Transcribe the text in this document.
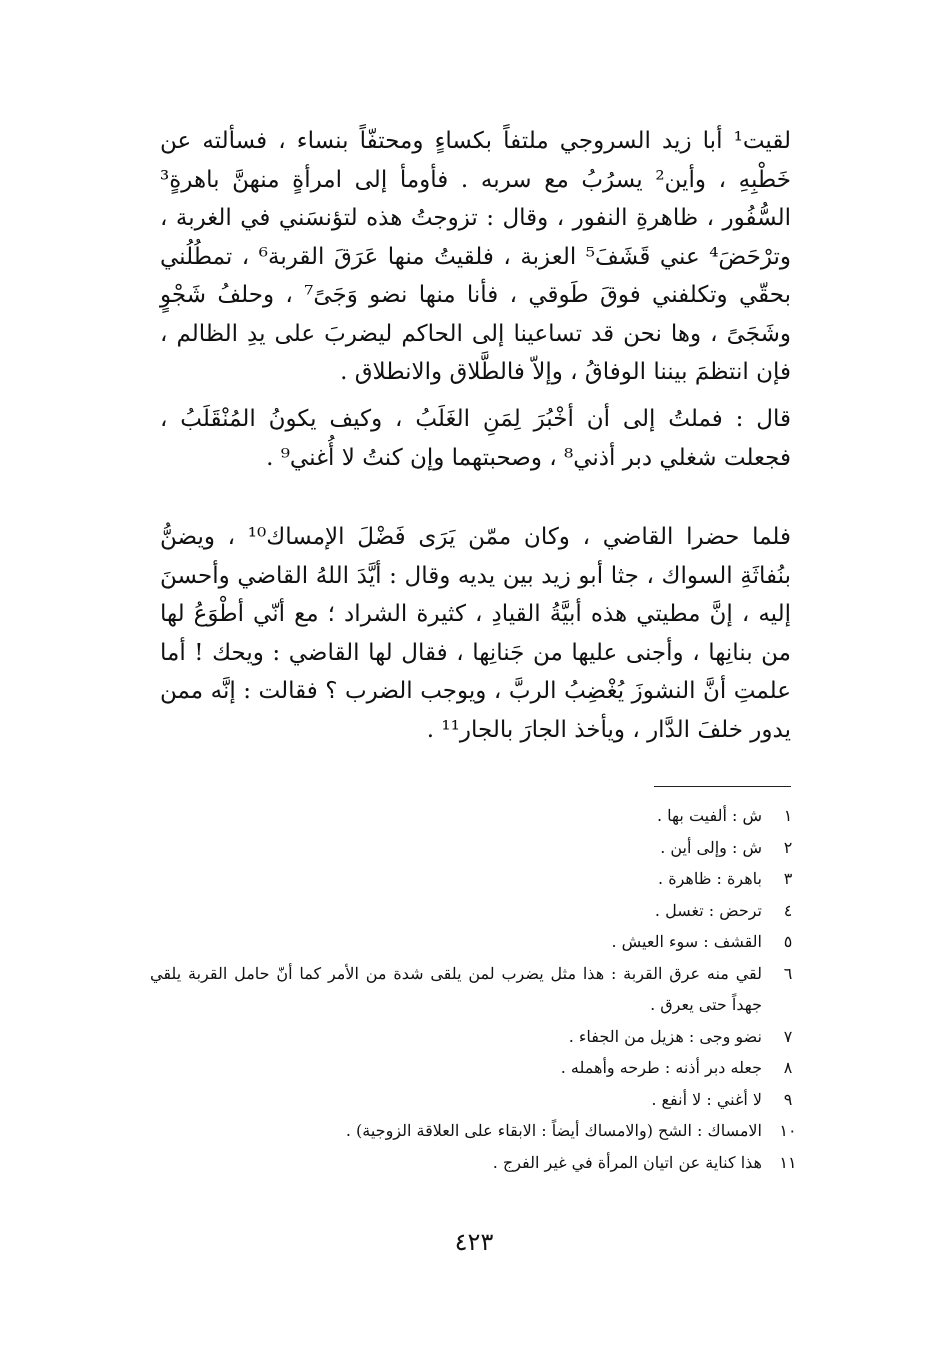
لقيت¹ أبا زيد السروجي ملتفاً بكساءٍ ومحتفّاً بنساء ، فسألته عن خَطْبِهِ ، وأين² يسرُبُ مع سربه . فأومأ إلى امرأةٍ منهنَّ باهرةٍ³ السُّفُور ، ظاهرةِ النفور ، وقال : تزوجتُ هذه لتؤنسَني في الغربة ، وترْحَضَ⁴ عني قَشَفَ⁵ العزبة ، فلقيتُ منها عَرَقَ القربة⁶ ، تمطُلُني بحقّي وتكلفني فوقَ طَوقي ، فأنا منها نضو وَجَىً⁷ ، وحلفُ شَجْوٍ وشَجَىً ، وها نحن قد تساعينا إلى الحاكم ليضربَ على يدِ الظالم ، فإن انتظمَ بيننا الوفاقُ ، وإلاّ فالطَّلاق والانطلاق .

قال : فملتُ إلى أن أخْبُرَ لِمَنِ الغَلَبُ ، وكيف يكونُ المُنْقَلَبُ ، فجعلت شغلي دبر أذني⁸ ، وصحبتهما وإن كنتُ لا أُغني⁹ .

فلما حضرا القاضي ، وكان ممّن يَرَى فَضْلَ الإمساك¹⁰ ، ويضنُّ بنُفاثَةِ السواك ، جثا أبو زيد بين يديه وقال : أيَّدَ اللهُ القاضي وأحسنَ إليه ، إنَّ مطيتي هذه أبيَّةُ القيادِ ، كثيرة الشراد ؛ مع أنّي أطْوَعُ لها من بنانِها ، وأجنى عليها من جَنانِها ، فقال لها القاضي : ويحك ! أما علمتِ أنَّ النشوزَ يُغْضِبُ الربَّ ، ويوجب الضرب ؟ فقالت : إنَّه ممن يدور خلفَ الدَّار ، ويأخذ الجارَ بالجار¹¹ .

١
ش : ألفيت بها .
٢
ش : وإلى أين .
٣
باهرة : ظاهرة .
٤
ترحض : تغسل .
٥
القشف : سوء العيش .
٦
لقي منه عرق القربة : هذا مثل يضرب لمن يلقى شدة من الأمر كما أنّ حامل القربة يلقي جهداً حتى يعرق .
٧
نضو وجى : هزيل من الجفاء .
٨
جعله دبر أذنه : طرحه وأهمله .
٩
لا أغني : لا أنفع .
١٠
الامساك : الشح (والامساك أيضاً : الابقاء على العلاقة الزوجية) .
١١
هذا كناية عن اتيان المرأة في غير الفرج .
٤٢٣
